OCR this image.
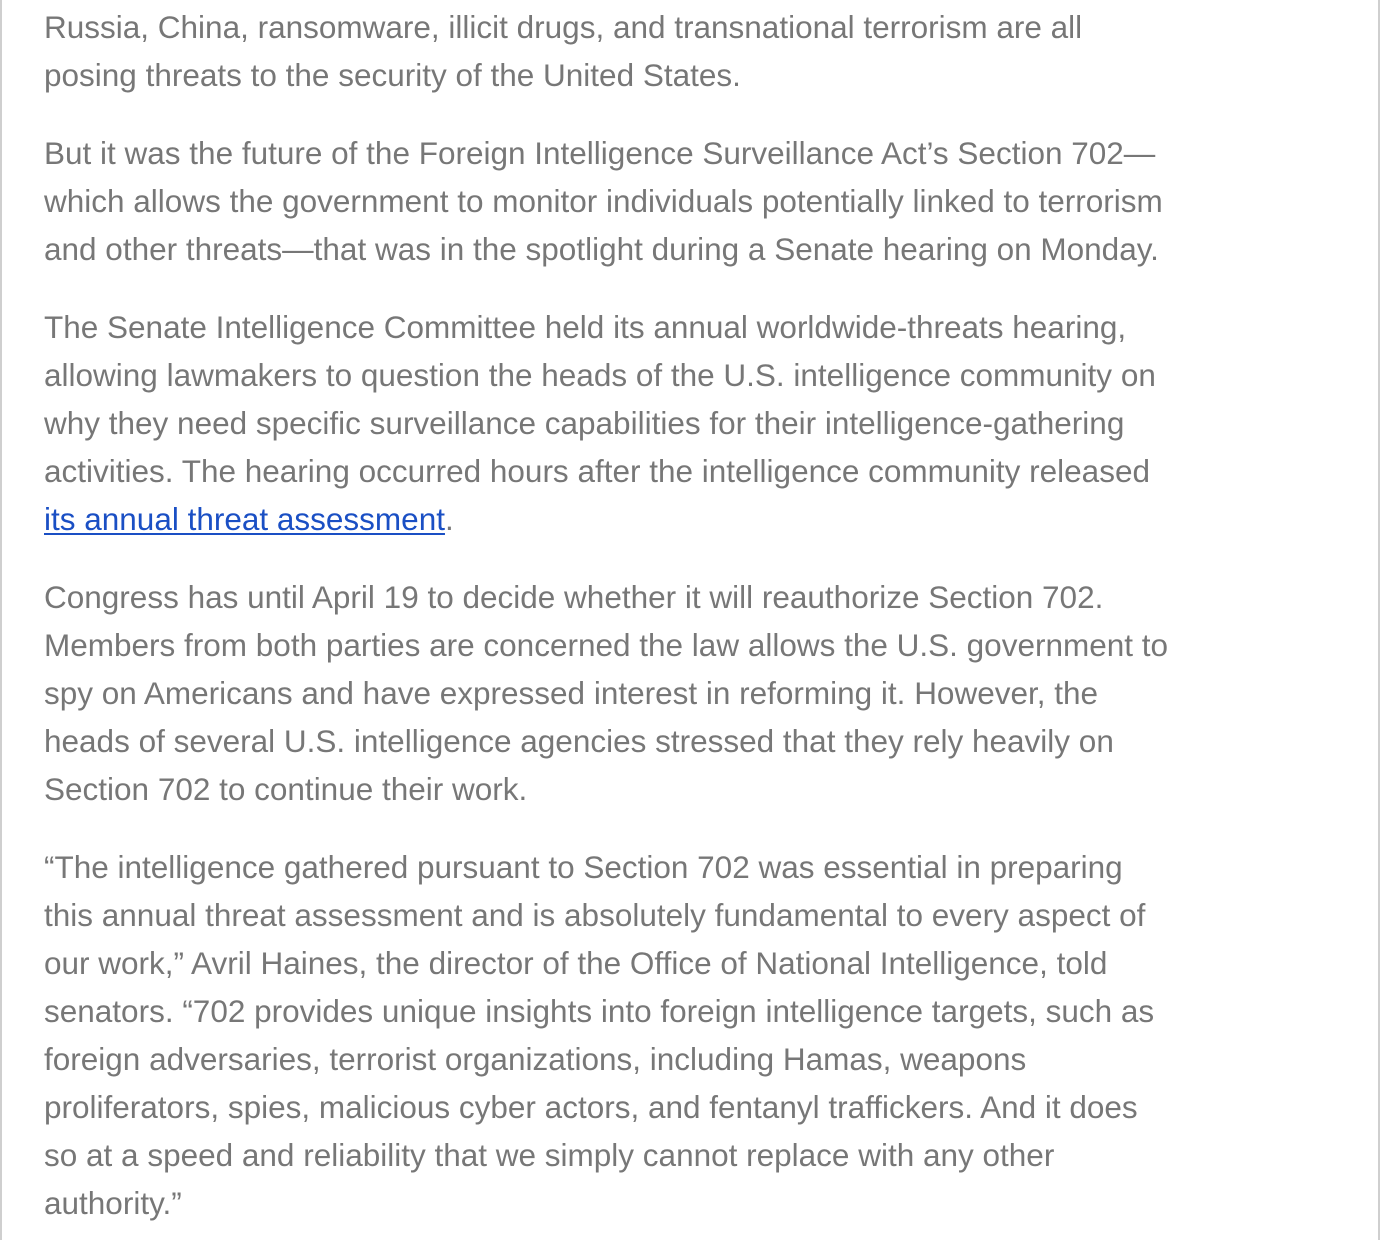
Russia, China, ransomware, illicit drugs, and transnational terrorism are all
posing threats to the security of the United States.

But it was the future of the Foreign Intelligence Surveillance Act’s Section 702—
which allows the government to monitor individuals potentially linked to terrorism
and other threats—that was in the spotlight during a Senate hearing on Monday.

The Senate Intelligence Committee held its annual worldwide-threats hearing,
allowing lawmakers to question the heads of the U.S. intelligence community on
why they need specific surveillance capabilities for their intelligence-gathering
activities. The hearing occurred hours after the intelligence community released
its annual threat assessment.

Congress has until April 19 to decide whether it will reauthorize Section 702.
Members from both parties are concerned the law allows the U.S. government to
spy on Americans and have expressed interest in reforming it. However, the
heads of several U.S. intelligence agencies stressed that they rely heavily on
Section 702 to continue their work.

“The intelligence gathered pursuant to Section 702 was essential in preparing
this annual threat assessment and is absolutely fundamental to every aspect of
our work,” Avril Haines, the director of the Office of National Intelligence, told
senators. “702 provides unique insights into foreign intelligence targets, such as
foreign adversaries, terrorist organizations, including Hamas, weapons
proliferators, spies, malicious cyber actors, and fentanyl traffickers. And it does
so at a speed and reliability that we simply cannot replace with any other
authority.”
